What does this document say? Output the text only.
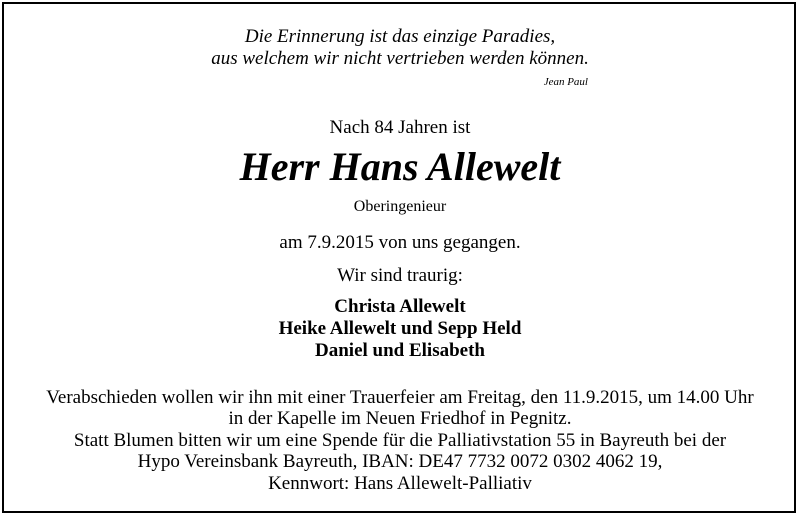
Die Erinnerung ist das einzige Paradies,
aus welchem wir nicht vertrieben werden können.
Jean Paul
Nach 84 Jahren ist
Herr Hans Allewelt
Oberingenieur
am 7.9.2015 von uns gegangen.
Wir sind traurig:
Christa Allewelt
Heike Allewelt und Sepp Held
Daniel und Elisabeth
Verabschieden wollen wir ihn mit einer Trauerfeier am Freitag, den 11.9.2015, um 14.00 Uhr
in der Kapelle im Neuen Friedhof in Pegnitz.
Statt Blumen bitten wir um eine Spende für die Palliativstation 55 in Bayreuth bei der
Hypo Vereinsbank Bayreuth, IBAN: DE47 7732 0072 0302 4062 19,
Kennwort: Hans Allewelt-Palliativ
